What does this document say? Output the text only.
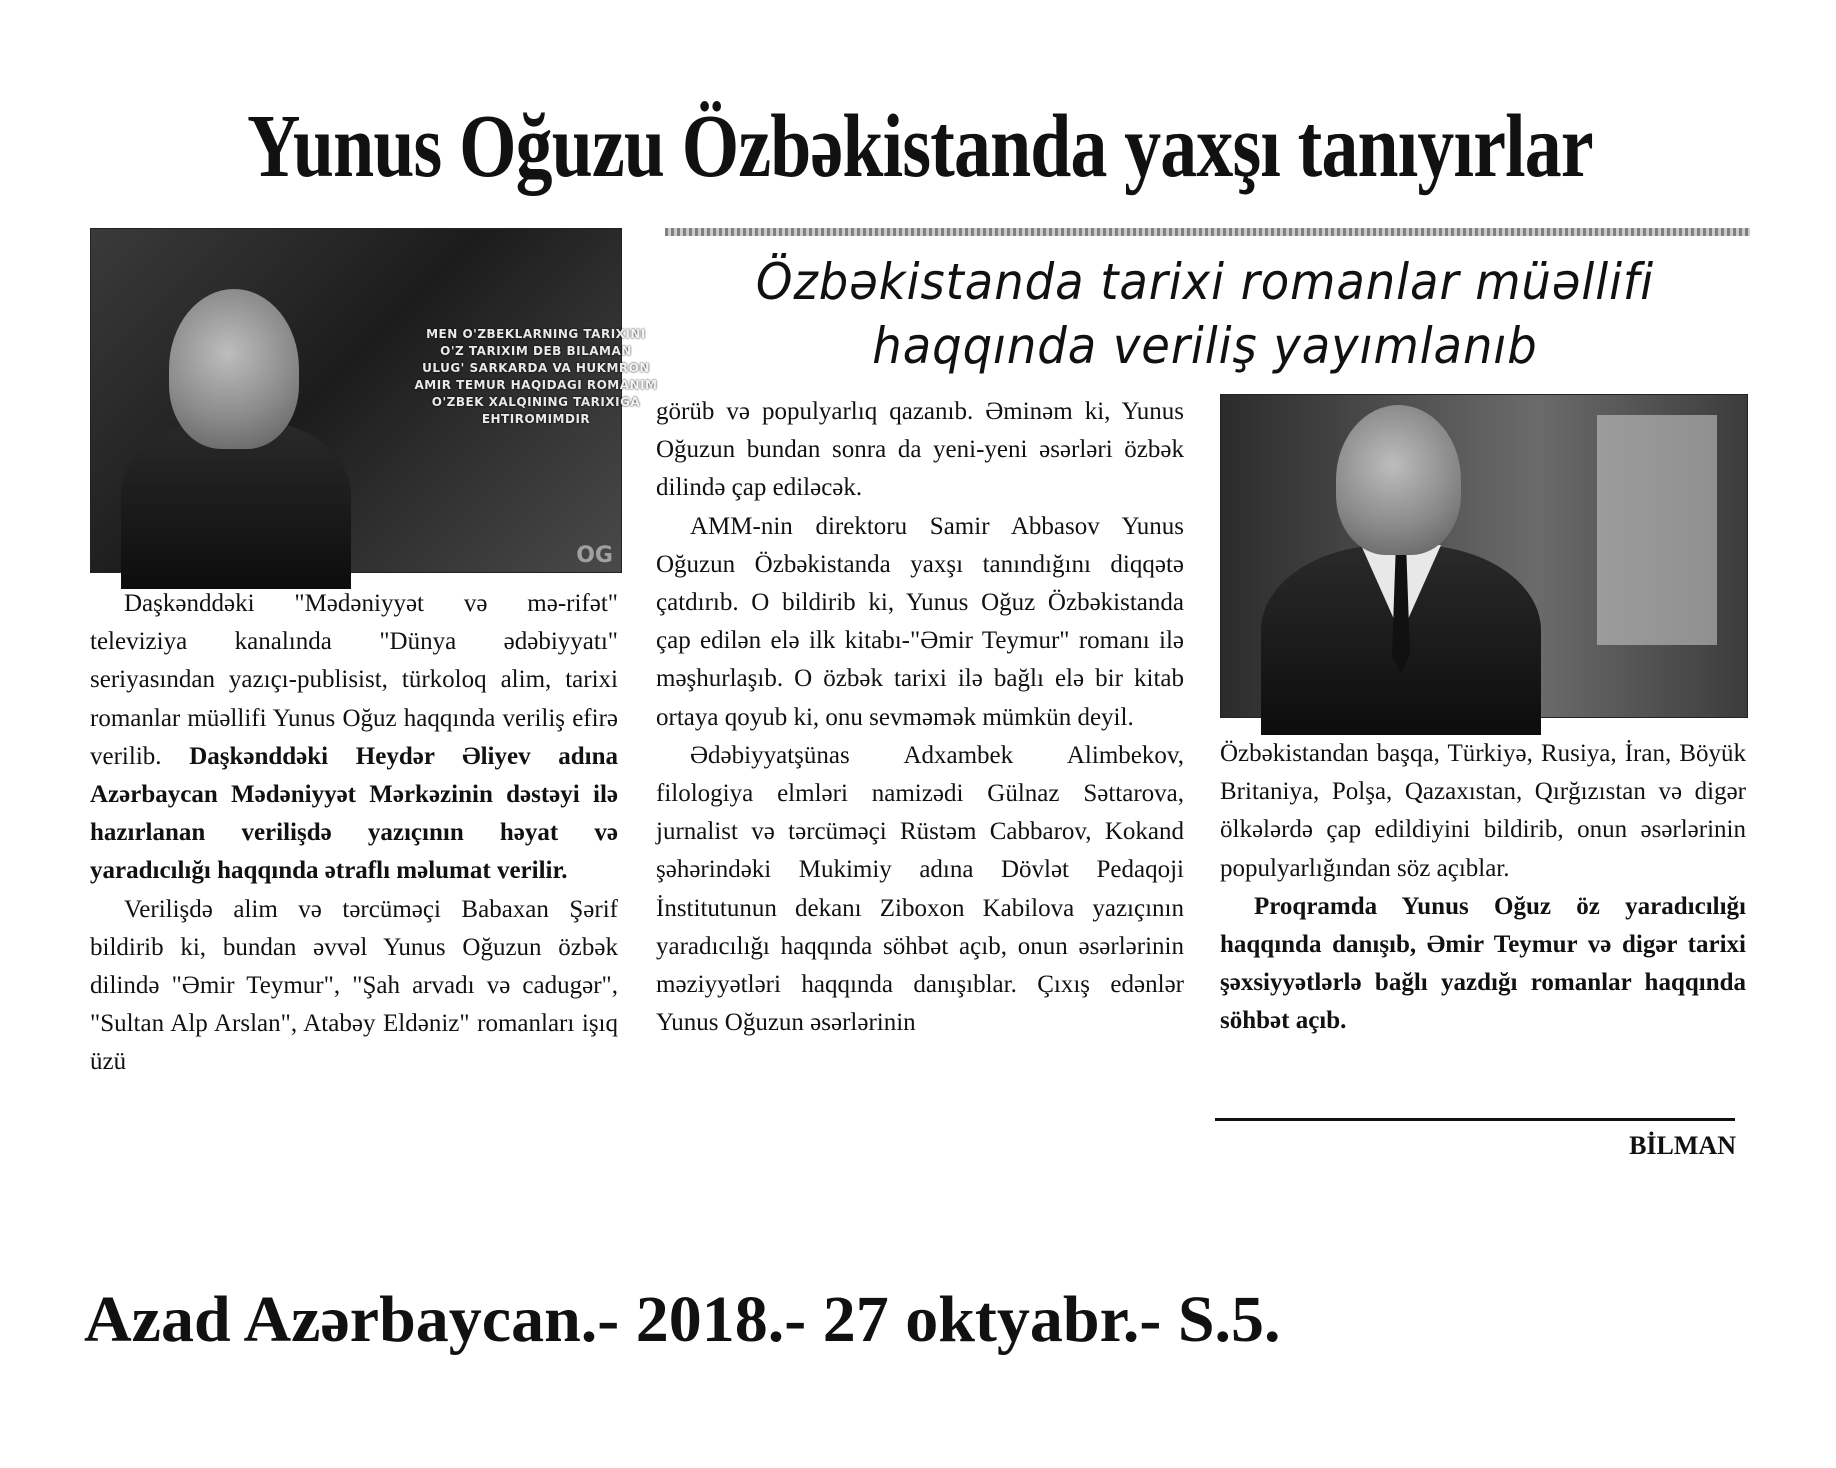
Yunus Oğuzu Özbəkistanda yaxşı tanıyırlar

MEN O'ZBEKLARNING TARIXINI
O'Z TARIXIM DEB BILAMAN
ULUG' SARKARDA VA HUKMRON
AMIR TEMUR HAQIDAGI ROMANIM
O'ZBEK XALQINING TARIXIGA
EHTIROMIMDIR
OG
Özbəkistanda tarixi romanlar müəllifi
haqqında veriliş yayımlanıb

Daşkənddəki "Mədəniyyət və mə-rifət" televiziya kanalında "Dünya ədəbiyyatı" seriyasından yazıçı-publisist, türkoloq alim, tarixi romanlar müəllifi Yunus Oğuz haqqında veriliş efirə verilib. Daşkənddəki Heydər Əliyev adına Azərbaycan Mədəniyyət Mərkəzinin dəstəyi ilə hazırlanan verilişdə yazıçının həyat və yaradıcılığı haqqında ətraflı məlumat verilir.

Verilişdə alim və tərcüməçi Babaxan Şərif bildirib ki, bundan əvvəl Yunus Oğuzun özbək dilində "Əmir Teymur", "Şah arvadı və cadugər", "Sultan Alp Arslan", Atabəy Eldəniz" romanları işıq üzü

görüb və populyarlıq qazanıb. Əminəm ki, Yunus Oğuzun bundan sonra da yeni-yeni əsərləri özbək dilində çap ediləcək.

AMM-nin direktoru Samir Abbasov Yunus Oğuzun Özbəkistanda yaxşı tanındığını diqqətə çatdırıb. O bildirib ki, Yunus Oğuz Özbəkistanda çap edilən elə ilk kitabı-"Əmir Teymur" romanı ilə məşhurlaşıb. O özbək tarixi ilə bağlı elə bir kitab ortaya qoyub ki, onu sevməmək mümkün deyil.

Ədəbiyyatşünas Adxambek Alimbekov, filologiya elmləri namizədi Gülnaz Səttarova, jurnalist və tərcüməçi Rüstəm Cabbarov, Kokand şəhərindəki Mukimiy adına Dövlət Pedaqoji İnstitutunun dekanı Ziboxon Kabilova yazıçının yaradıcılığı haqqında söhbət açıb, onun əsərlərinin məziyyətləri haqqında danışıblar. Çıxış edənlər Yunus Oğuzun əsərlərinin

Özbəkistandan başqa, Türkiyə, Rusiya, İran, Böyük Britaniya, Polşa, Qazaxıstan, Qırğızıstan və digər ölkələrdə çap edildiyini bildirib, onun əsərlərinin populyarlığından söz açıblar.

Proqramda Yunus Oğuz öz yaradıcılığı haqqında danışıb, Əmir Teymur və digər tarixi şəxsiyyətlərlə bağlı yazdığı romanlar haqqında söhbət açıb.

BİLMAN
Azad Azərbaycan.- 2018.- 27 oktyabr.- S.5.
